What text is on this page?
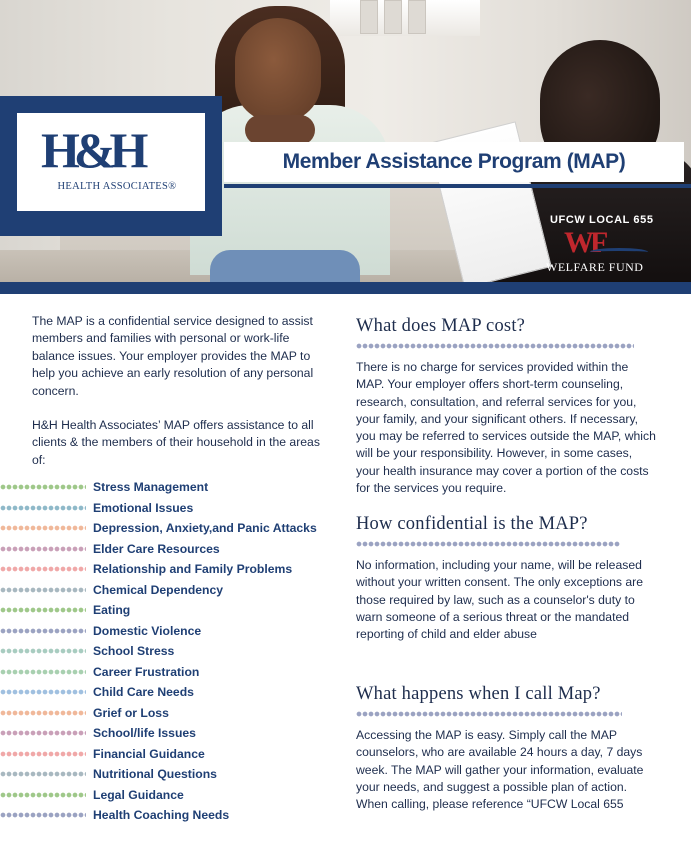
H&H
HEALTH ASSOCIATES®
Member Assistance Program (MAP)
UFCW LOCAL 655
WF
WELFARE FUND

The MAP is a confidential service designed to assist members and families with personal or work-life balance issues. Your employer provides the MAP to help you achieve an early resolution of any personal concern.

H&H Health Associates’ MAP offers assistance to all clients & the members of their household in the areas of:

Stress Management
Emotional Issues
Depression, Anxiety,and Panic Attacks
Elder Care Resources
Relationship and Family Problems
Chemical Dependency
Eating
Domestic Violence
School Stress
Career Frustration
Child Care Needs
Grief or Loss
School/life Issues
Financial Guidance
Nutritional Questions
Legal Guidance
Health Coaching Needs
What does MAP cost?

There is no charge for services provided within the MAP. Your employer offers short-term counseling, research, consultation, and referral services for you, your family, and your significant others. If necessary, you may be referred to services outside the MAP, which will be your responsibility. However, in some cases, your health insurance may cover a portion of the costs for the services you require.

How confidential is the MAP?

No information, including your name, will be released without your written consent. The only exceptions are those required by law, such as a counselor's duty to warn someone of a serious threat or the mandated reporting of child and elder abuse

What happens when I call Map?

Accessing the MAP is easy. Simply call the MAP counselors, who are available 24 hours a day, 7 days week. The MAP will gather your information, evaluate your needs, and suggest a possible plan of action. When calling, please reference “UFCW Local 655
